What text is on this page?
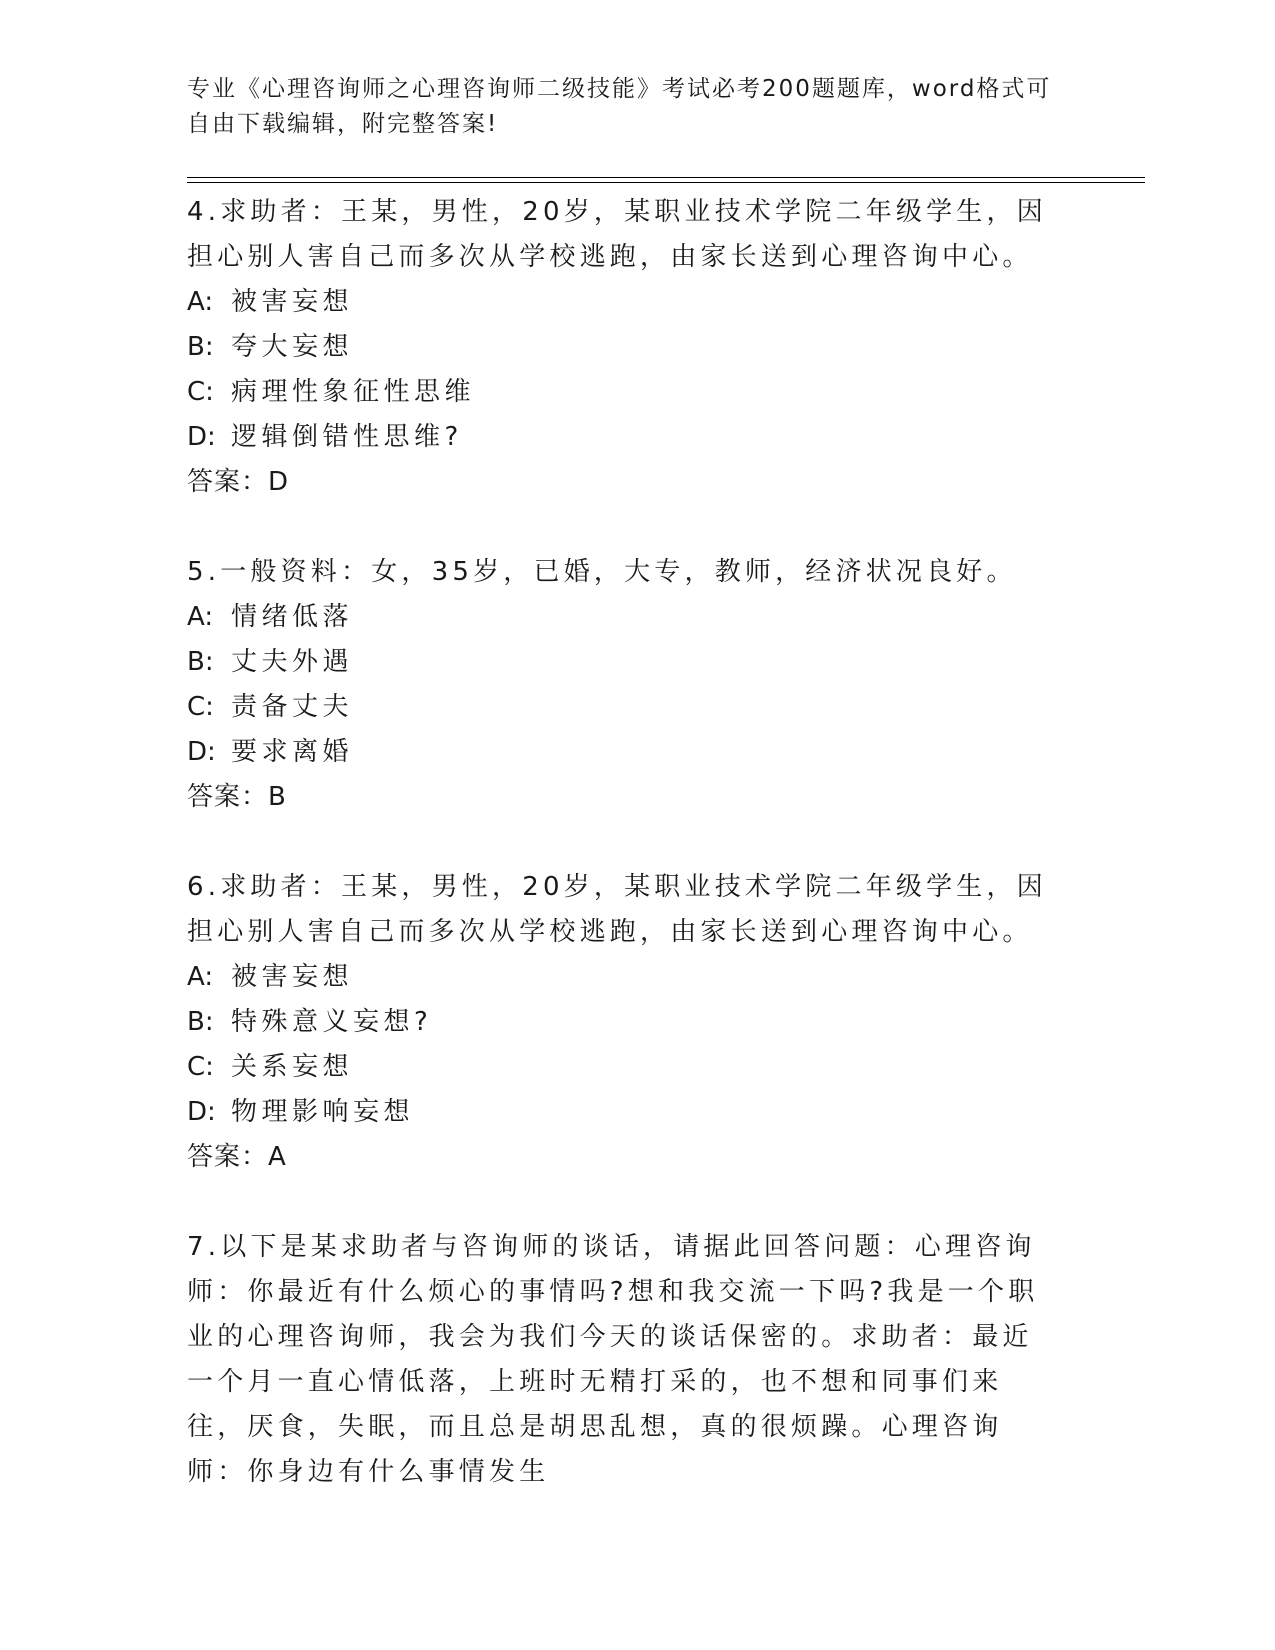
专业《心理咨询师之心理咨询师二级技能》考试必考200题题库，word格式可自由下载编辑，附完整答案!
4.求助者：王某，男性，20岁，某职业技术学院二年级学生，因担心别人害自己而多次从学校逃跑，由家长送到心理咨询中心。
A: 被害妄想
B: 夸大妄想
C: 病理性象征性思维
D: 逻辑倒错性思维?
答案：D
5.一般资料：女，35岁，已婚，大专，教师，经济状况良好。
A: 情绪低落
B: 丈夫外遇
C: 责备丈夫
D: 要求离婚
答案：B
6.求助者：王某，男性，20岁，某职业技术学院二年级学生，因担心别人害自己而多次从学校逃跑，由家长送到心理咨询中心。
A: 被害妄想
B: 特殊意义妄想?
C: 关系妄想
D: 物理影响妄想
答案：A
7.以下是某求助者与咨询师的谈话，请据此回答问题：心理咨询师：你最近有什么烦心的事情吗?想和我交流一下吗?我是一个职业的心理咨询师，我会为我们今天的谈话保密的。求助者：最近一个月一直心情低落，上班时无精打采的，也不想和同事们来往，厌食，失眠，而且总是胡思乱想，真的很烦躁。心理咨询师：你身边有什么事情发生
